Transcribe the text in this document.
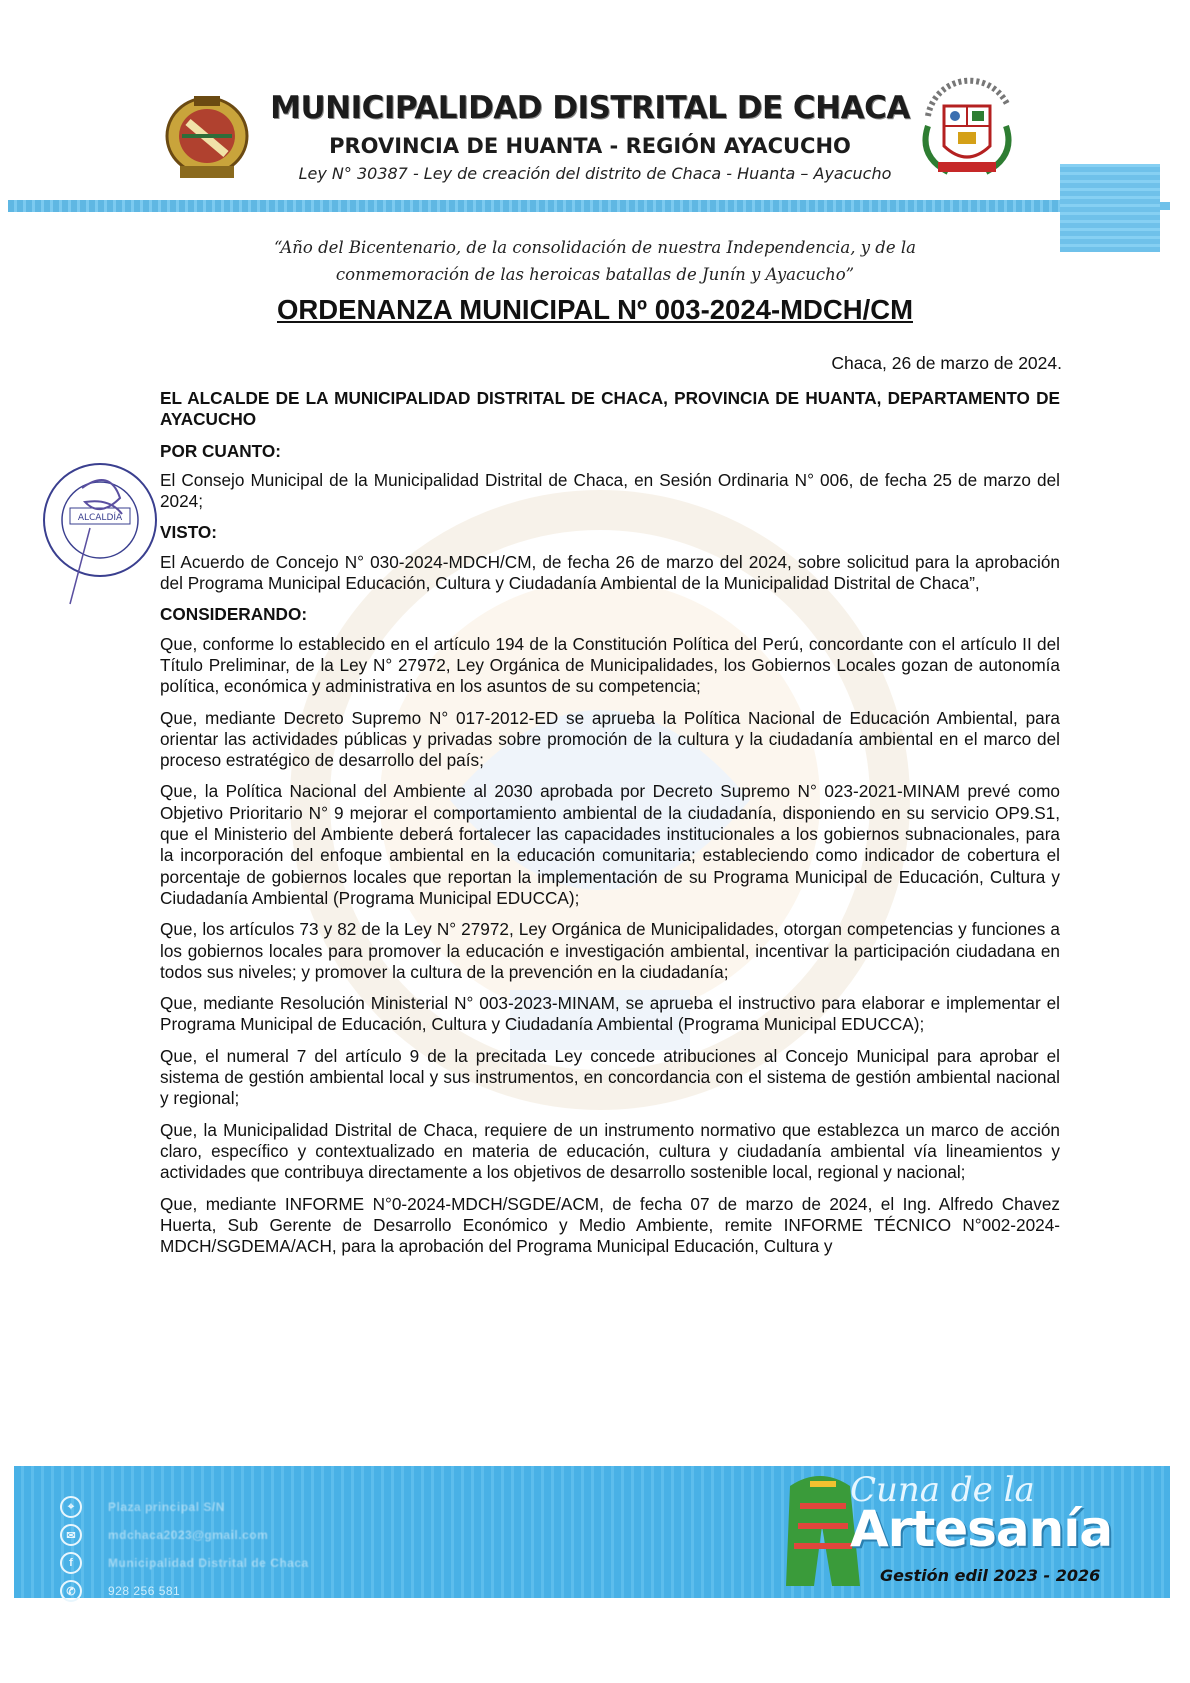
MUNICIPALIDAD DISTRITAL DE CHACA
PROVINCIA DE HUANTA - REGIÓN AYACUCHO
Ley N° 30387 - Ley de creación del distrito de Chaca - Huanta – Ayacucho
“Año del Bicentenario, de la consolidación de nuestra Independencia, y de la
conmemoración de las heroicas batallas de Junín y Ayacucho”
ORDENANZA MUNICIPAL Nº 003-2024-MDCH/CM
Chaca, 26 de marzo de 2024.

EL ALCALDE DE LA MUNICIPALIDAD DISTRITAL DE CHACA, PROVINCIA DE HUANTA, DEPARTAMENTO DE AYACUCHO

POR CUANTO:

El Consejo Municipal de la Municipalidad Distrital de Chaca, en Sesión Ordinaria N° 006, de fecha 25 de marzo del 2024;

VISTO:

El Acuerdo de Concejo N° 030-2024-MDCH/CM, de fecha 26 de marzo del 2024, sobre solicitud para la aprobación del Programa Municipal Educación, Cultura y Ciudadanía Ambiental de la Municipalidad Distrital de Chaca”,

CONSIDERANDO:

Que, conforme lo establecido en el artículo 194 de la Constitución Política del Perú, concordante con el artículo II del Título Preliminar, de la Ley N° 27972, Ley Orgánica de Municipalidades, los Gobiernos Locales gozan de autonomía política, económica y administrativa en los asuntos de su competencia;

Que, mediante Decreto Supremo N° 017-2012-ED se aprueba la Política Nacional de Educación Ambiental, para orientar las actividades públicas y privadas sobre promoción de la cultura y la ciudadanía ambiental en el marco del proceso estratégico de desarrollo del país;

Que, la Política Nacional del Ambiente al 2030 aprobada por Decreto Supremo N° 023-2021-MINAM prevé como Objetivo Prioritario N° 9 mejorar el comportamiento ambiental de la ciudadanía, disponiendo en su servicio OP9.S1, que el Ministerio del Ambiente deberá fortalecer las capacidades institucionales a los gobiernos subnacionales, para la incorporación del enfoque ambiental en la educación comunitaria; estableciendo como indicador de cobertura el porcentaje de gobiernos locales que reportan la implementación de su Programa Municipal de Educación, Cultura y Ciudadanía Ambiental (Programa Municipal EDUCCA);

Que, los artículos 73 y 82 de la Ley N° 27972, Ley Orgánica de Municipalidades, otorgan competencias y funciones a los gobiernos locales para promover la educación e investigación ambiental, incentivar la participación ciudadana en todos sus niveles; y promover la cultura de la prevención en la ciudadanía;

Que, mediante Resolución Ministerial N° 003-2023-MINAM, se aprueba el instructivo para elaborar e implementar el Programa Municipal de Educación, Cultura y Ciudadanía Ambiental (Programa Municipal EDUCCA);

Que, el numeral 7 del artículo 9 de la precitada Ley concede atribuciones al Concejo Municipal para aprobar el sistema de gestión ambiental local y sus instrumentos, en concordancia con el sistema de gestión ambiental nacional y regional;

Que, la Municipalidad Distrital de Chaca, requiere de un instrumento normativo que establezca un marco de acción claro, específico y contextualizado en materia de educación, cultura y ciudadanía ambiental vía lineamientos y actividades que contribuya directamente a los objetivos de desarrollo sostenible local, regional y nacional;

Que, mediante INFORME N°0-2024-MDCH/SGDE/ACM, de fecha 07 de marzo de 2024, el Ing. Alfredo Chavez Huerta, Sub Gerente de Desarrollo Económico y Medio Ambiente, remite INFORME TÉCNICO N°002-2024-MDCH/SGDEMA/ACH, para la aprobación del Programa Municipal Educación, Cultura y

ALCALDÍA
⌖	Plaza principal S/N
✉	mdchaca2023@gmail.com
f	Municipalidad Distrital de Chaca
✆	928 256 581
Cuna de la
Artesanía
Gestión edil 2023 - 2026
